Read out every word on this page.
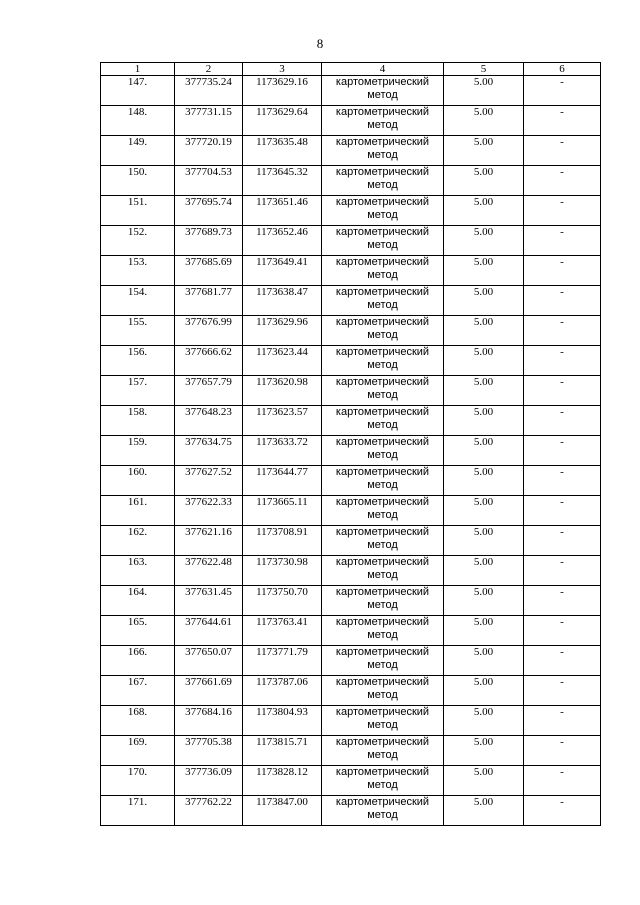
8
1	2	3	4	5	6
147.	377735.24	1173629.16	картометрический метод	5.00	-
148.	377731.15	1173629.64	картометрический метод	5.00	-
149.	377720.19	1173635.48	картометрический метод	5.00	-
150.	377704.53	1173645.32	картометрический метод	5.00	-
151.	377695.74	1173651.46	картометрический метод	5.00	-
152.	377689.73	1173652.46	картометрический метод	5.00	-
153.	377685.69	1173649.41	картометрический метод	5.00	-
154.	377681.77	1173638.47	картометрический метод	5.00	-
155.	377676.99	1173629.96	картометрический метод	5.00	-
156.	377666.62	1173623.44	картометрический метод	5.00	-
157.	377657.79	1173620.98	картометрический метод	5.00	-
158.	377648.23	1173623.57	картометрический метод	5.00	-
159.	377634.75	1173633.72	картометрический метод	5.00	-
160.	377627.52	1173644.77	картометрический метод	5.00	-
161.	377622.33	1173665.11	картометрический метод	5.00	-
162.	377621.16	1173708.91	картометрический метод	5.00	-
163.	377622.48	1173730.98	картометрический метод	5.00	-
164.	377631.45	1173750.70	картометрический метод	5.00	-
165.	377644.61	1173763.41	картометрический метод	5.00	-
166.	377650.07	1173771.79	картометрический метод	5.00	-
167.	377661.69	1173787.06	картометрический метод	5.00	-
168.	377684.16	1173804.93	картометрический метод	5.00	-
169.	377705.38	1173815.71	картометрический метод	5.00	-
170.	377736.09	1173828.12	картометрический метод	5.00	-
171.	377762.22	1173847.00	картометрический метод	5.00	-
